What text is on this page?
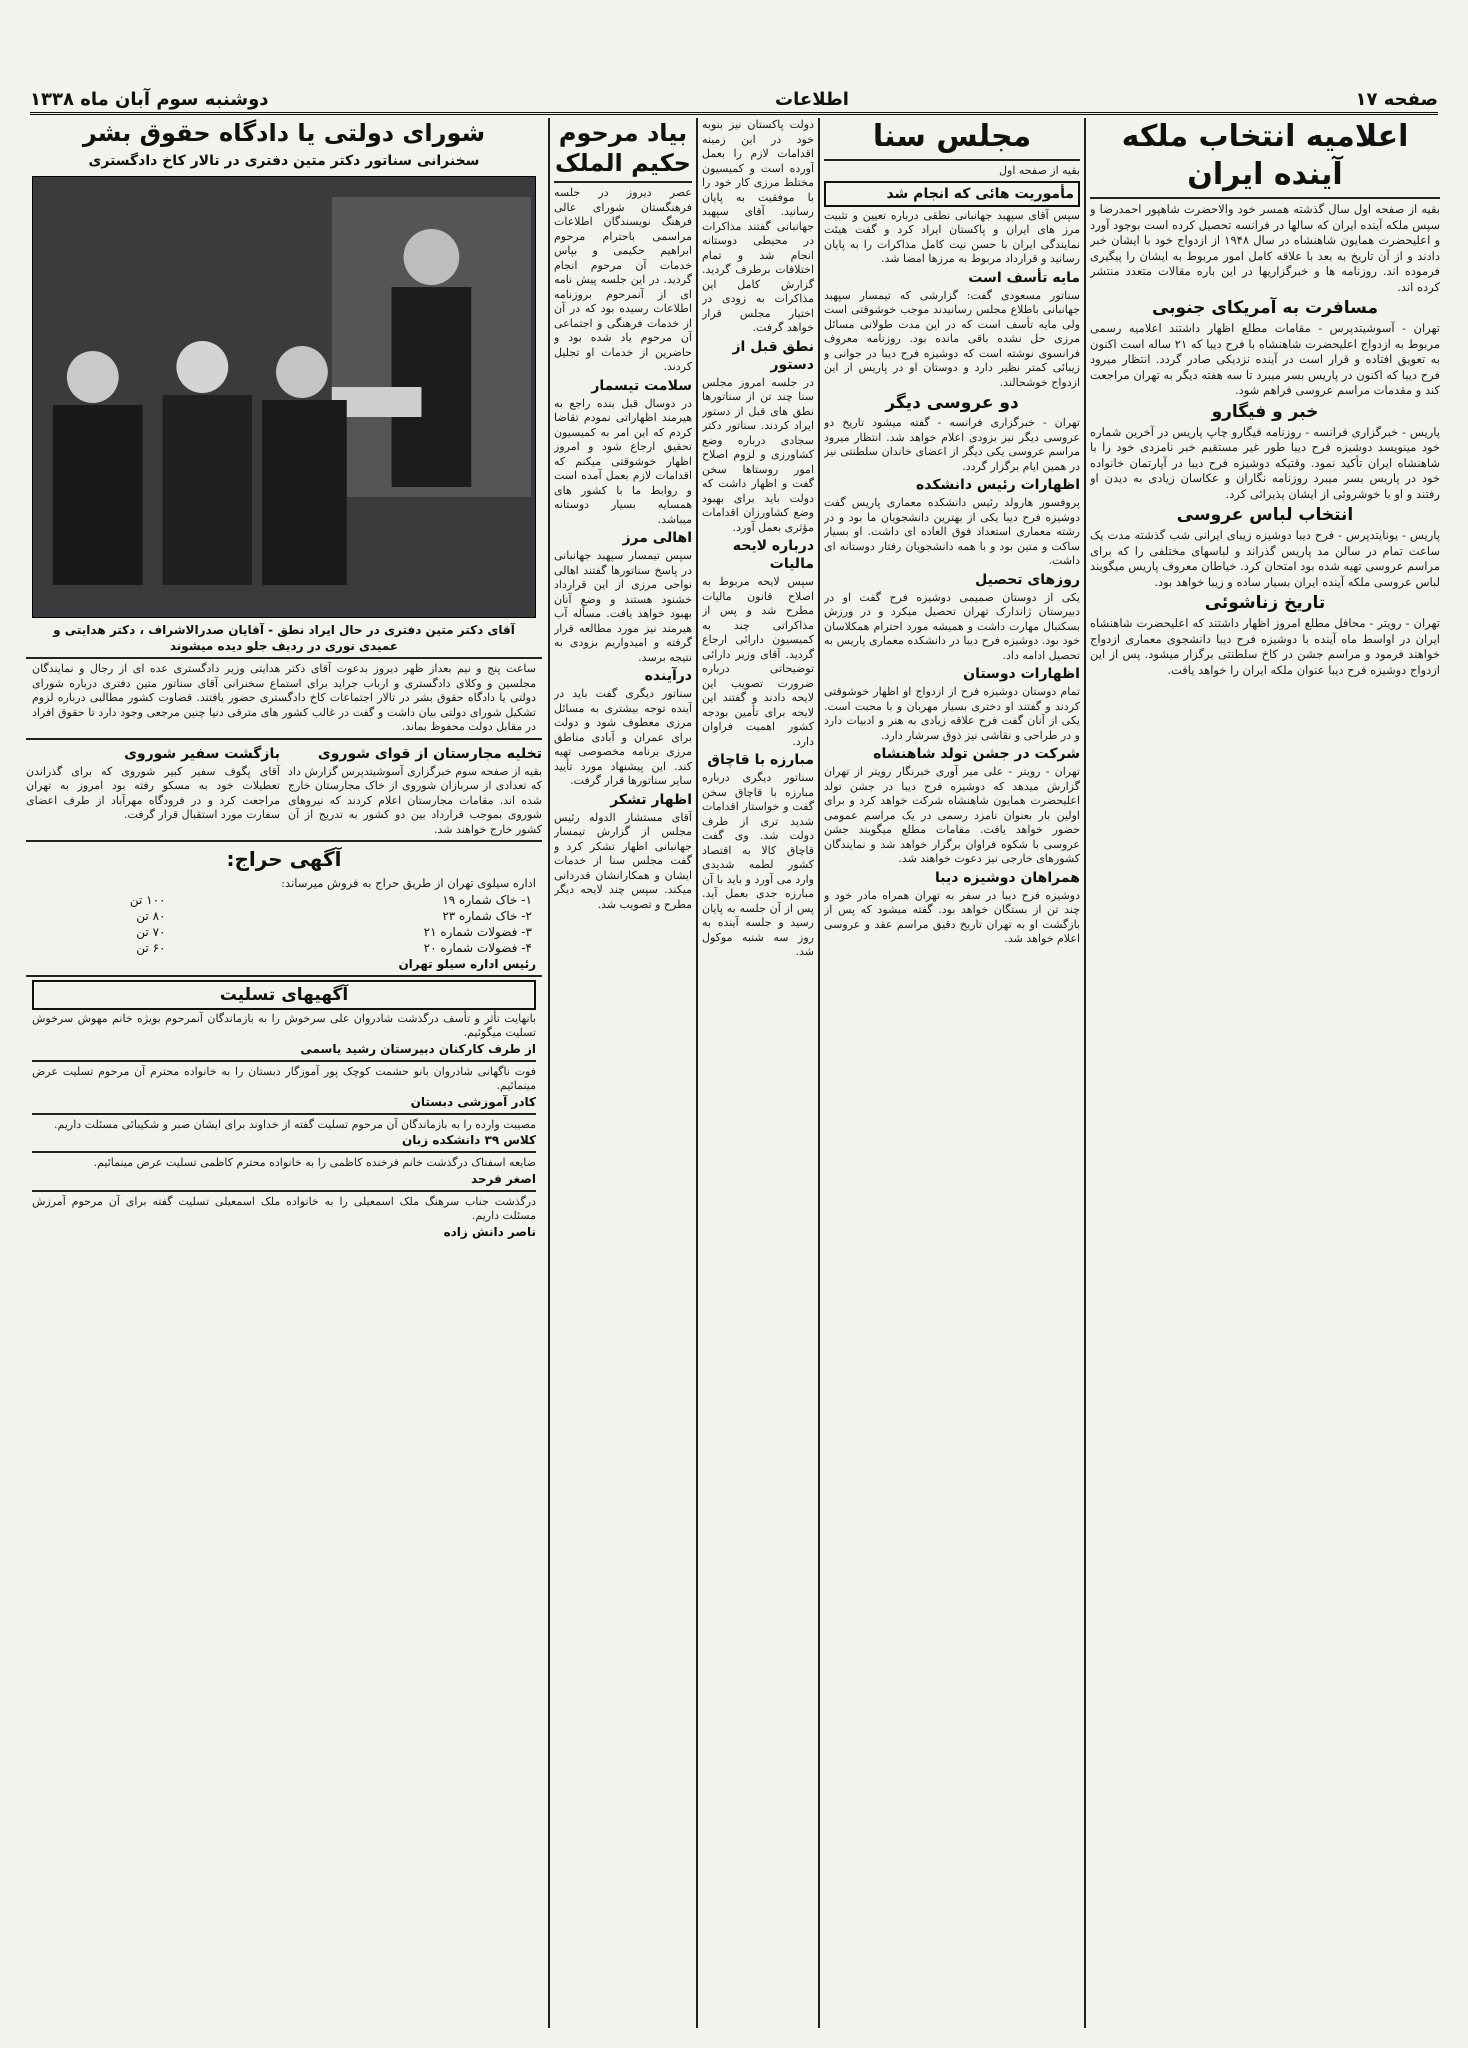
صفحه ۱۷
اطلاعات
دوشنبه سوم آبان ماه ۱۳۳۸
اعلامیه انتخاب ملکه آینده ایران

بقیه از صفحه اول سال گذشته همسر خود والاحضرت شاهپور احمدرضا و سپس ملکه آینده ایران که سالها در فرانسه تحصیل کرده است بوجود آورد و اعلیحضرت همایون شاهنشاه در سال ۱۹۴۸ از ازدواج خود با ایشان خبر دادند و از آن تاریخ به بعد با علاقه کامل امور مربوط به ایشان را پیگیری فرموده اند. روزنامه ها و خبرگزاریها در این باره مقالات متعدد منتشر کرده اند.

مسافرت به آمریکای جنوبی

تهران - آسوشیتدپرس - مقامات مطلع اظهار داشتند اعلامیه رسمی مربوط به ازدواج اعلیحضرت شاهنشاه با فرح دیبا که ۲۱ ساله است اکنون به تعویق افتاده و قرار است در آینده نزدیکی صادر گردد. انتظار میرود فرح دیبا که اکنون در پاریس بسر میبرد تا سه هفته دیگر به تهران مراجعت کند و مقدمات مراسم عروسی فراهم شود.

خبر و فیگارو

پاریس - خبرگزاری فرانسه - روزنامه فیگارو چاپ پاریس در آخرین شماره خود مینویسد دوشیزه فرح دیبا طور غیر مستقیم خبر نامزدی خود را با شاهنشاه ایران تأکید نمود. وقتیکه دوشیزه فرح دیبا در آپارتمان خانواده خود در پاریس بسر میبرد روزنامه نگاران و عکاسان زیادی به دیدن او رفتند و او با خوشروئی از ایشان پذیرائی کرد.

انتخاب لباس عروسی

پاریس - یونایتدپرس - فرح دیبا دوشیزه زیبای ایرانی شب گذشته مدت یک ساعت تمام در سالن مد پاریس گذراند و لباسهای مختلفی را که برای مراسم عروسی تهیه شده بود امتحان کرد. خیاطان معروف پاریس میگویند لباس عروسی ملکه آینده ایران بسیار ساده و زیبا خواهد بود.

تاریخ زناشوئی

تهران - رویتر - محافل مطلع امروز اظهار داشتند که اعلیحضرت شاهنشاه ایران در اواسط ماه آینده با دوشیزه فرح دیبا دانشجوی معماری ازدواج خواهند فرمود و مراسم جشن در کاخ سلطنتی برگزار میشود. پس از این ازدواج دوشیزه فرح دیبا عنوان ملکه ایران را خواهد یافت.

مجلس سنا

بقیه از صفحه اول

مأموریت هائی که انجام شد

سپس آقای سپهبد جهانبانی نطقی درباره تعیین و تثبیت مرز های ایران و پاکستان ایراد کرد و گفت هیئت نمایندگی ایران با حسن نیت کامل مذاکرات را به پایان رسانید و قرارداد مربوط به مرزها امضا شد.

مایه تأسف است

سناتور مسعودی گفت: گزارشی که تیمسار سپهبد جهانبانی باطلاع مجلس رسانیدند موجب خوشوقتی است ولی مایه تأسف است که در این مدت طولانی مسائل مرزی حل نشده باقی مانده بود. روزنامه معروف فرانسوی نوشته است که دوشیزه فرح دیبا در جوانی و زیبائی کمتر نظیر دارد و دوستان او در پاریس از این ازدواج خوشحالند.

دو عروسی دیگر

تهران - خبرگزاری فرانسه - گفته میشود تاریخ دو عروسی دیگر نیز بزودی اعلام خواهد شد. انتظار میرود مراسم عروسی یکی دیگر از اعضای خاندان سلطنتی نیز در همین ایام برگزار گردد.

اظهارات رئیس دانشکده

پروفسور هارولد رئیس دانشکده معماری پاریس گفت دوشیزه فرح دیبا یکی از بهترین دانشجویان ما بود و در رشته معماری استعداد فوق العاده ای داشت. او بسیار ساکت و متین بود و با همه دانشجویان رفتار دوستانه ای داشت.

روزهای تحصیل

یکی از دوستان صمیمی دوشیزه فرح گفت او در دبیرستان ژاندارک تهران تحصیل میکرد و در ورزش بسکتبال مهارت داشت و همیشه مورد احترام همکلاسان خود بود. دوشیزه فرح دیبا در دانشکده معماری پاریس به تحصیل ادامه داد.

اظهارات دوستان

تمام دوستان دوشیزه فرح از ازدواج او اظهار خوشوقتی کردند و گفتند او دختری بسیار مهربان و با محبت است. یکی از آنان گفت فرح علاقه زیادی به هنر و ادبیات دارد و در طراحی و نقاشی نیز ذوق سرشار دارد.

شرکت در جشن تولد شاهنشاه

تهران - رویتر - علی میر آوری خبرنگار رویتر از تهران گزارش میدهد که دوشیزه فرح دیبا در جشن تولد اعلیحضرت همایون شاهنشاه شرکت خواهد کرد و برای اولین بار بعنوان نامزد رسمی در یک مراسم عمومی حضور خواهد یافت. مقامات مطلع میگویند جشن عروسی با شکوه فراوان برگزار خواهد شد و نمایندگان کشورهای خارجی نیز دعوت خواهند شد.

همراهان دوشیزه دیبا

دوشیزه فرح دیبا در سفر به تهران همراه مادر خود و چند تن از بستگان خواهد بود. گفته میشود که پس از بازگشت او به تهران تاریخ دقیق مراسم عقد و عروسی اعلام خواهد شد.

دولت پاکستان نیز بنوبه خود در این زمینه اقدامات لازم را بعمل آورده است و کمیسیون مختلط مرزی کار خود را با موفقیت به پایان رسانید. آقای سپهبد جهانبانی گفتند مذاکرات در محیطی دوستانه انجام شد و تمام اختلافات برطرف گردید. گزارش کامل این مذاکرات به زودی در اختیار مجلس قرار خواهد گرفت.

نطق قبل از دستور

در جلسه امروز مجلس سنا چند تن از سناتورها نطق های قبل از دستور ایراد کردند. سناتور دکتر سجادی درباره وضع کشاورزی و لزوم اصلاح امور روستاها سخن گفت و اظهار داشت که دولت باید برای بهبود وضع کشاورزان اقدامات مؤثری بعمل آورد.

درباره لایحه مالیات

سپس لایحه مربوط به اصلاح قانون مالیات مطرح شد و پس از مذاکراتی چند به کمیسیون دارائی ارجاع گردید. آقای وزیر دارائی توضیحاتی درباره ضرورت تصویب این لایحه دادند و گفتند این لایحه برای تأمین بودجه کشور اهمیت فراوان دارد.

مبارزه با قاچاق

سناتور دیگری درباره مبارزه با قاچاق سخن گفت و خواستار اقدامات شدید تری از طرف دولت شد. وی گفت قاچاق کالا به اقتصاد کشور لطمه شدیدی وارد می آورد و باید با آن مبارزه جدی بعمل آید. پس از آن جلسه به پایان رسید و جلسه آینده به روز سه شنبه موکول شد.

بیاد مرحوم حکیم الملک

عصر دیروز در جلسه فرهنگستان شورای عالی فرهنگ نویسندگان اطلاعات مراسمی باحترام مرحوم ابراهیم حکیمی و بپاس خدمات آن مرحوم انجام گردید. در این جلسه پیش نامه ای از آنمرحوم بروزنامه اطلاعات رسیده بود که در آن از خدمات فرهنگی و اجتماعی آن مرحوم یاد شده بود و حاضرین از خدمات او تجلیل کردند.

سلامت تیسمار

در دوسال قبل بنده راجع به هیرمند اظهاراتی نمودم تقاضا کردم که این امر به کمیسیون تحقیق ارجاع شود و امروز اظهار خوشوقتی میکنم که اقدامات لازم بعمل آمده است و روابط ما با کشور های همسایه بسیار دوستانه میباشد.

اهالی مرز

سپس تیمسار سپهبد جهانبانی در پاسخ سناتورها گفتند اهالی نواحی مرزی از این قرارداد خشنود هستند و وضع آنان بهبود خواهد یافت. مسأله آب هیرمند نیز مورد مطالعه قرار گرفته و امیدواریم بزودی به نتیجه برسد.

درآینده

سناتور دیگری گفت باید در آینده توجه بیشتری به مسائل مرزی معطوف شود و دولت برای عمران و آبادی مناطق مرزی برنامه مخصوصی تهیه کند. این پیشنهاد مورد تأیید سایر سناتورها قرار گرفت.

اظهار تشکر

آقای مستشار الدوله رئیس مجلس از گزارش تیمسار جهانبانی اظهار تشکر کرد و گفت مجلس سنا از خدمات ایشان و همکارانشان قدردانی میکند. سپس چند لایحه دیگر مطرح و تصویب شد.

شورای دولتی یا دادگاه حقوق بشر
سخنرانی سناتور دکتر متین دفتری در تالار کاخ دادگستری
آقای دکتر متین دفتری در حال ایراد نطق - آقایان صدرالاشراف ، دکتر هدایتی و عمیدی نوری در ردیف جلو دیده میشوند

ساعت پنج و نیم بعداز ظهر دیروز بدعوت آقای دکتر هدایتی وزیر دادگستری عده ای از رجال و نمایندگان مجلسین و وکلای دادگستری و ارباب جراید برای استماع سخنرانی آقای سناتور متین دفتری درباره شورای دولتی یا دادگاه حقوق بشر در تالار اجتماعات کاخ دادگستری حضور یافتند. قضاوت کشور مطالبی درباره لزوم تشکیل شورای دولتی بیان داشت و گفت در غالب کشور های مترقی دنیا چنین مرجعی وجود دارد تا حقوق افراد در مقابل دولت محفوظ بماند.

تخلیه مجارستان از قوای شوروی

بقیه از صفحه سوم خبرگزاری آسوشیتدپرس گزارش داد که تعدادی از سربازان شوروی از خاک مجارستان خارج شده اند. مقامات مجارستان اعلام کردند که نیروهای شوروی بموجب قرارداد بین دو کشور به تدریج از آن کشور خارج خواهند شد.

بازگشت سفیر شوروی

آقای پگوف سفیر کبیر شوروی که برای گذراندن تعطیلات خود به مسکو رفته بود امروز به تهران مراجعت کرد و در فرودگاه مهرآباد از طرف اعضای سفارت مورد استقبال قرار گرفت.

آگهی حراج:

اداره سیلوی تهران از طریق حراج به فروش میرساند:

۱- خاک شماره ۱۹	۱۰۰ تن
۲- خاک شماره ۲۳	۸۰ تن
۳- فضولات شماره ۲۱	۷۰ تن
۴- فضولات شماره ۲۰	۶۰ تن
رئیس اداره سیلو تهران
آگهیهای تسلیت

بانهایت تأثر و تأسف درگذشت شادروان علی سرخوش را به بازماندگان آنمرحوم بویژه خانم مهوش سرخوش تسلیت میگوئیم.

از طرف کارکنان دبیرستان رشید یاسمی

فوت ناگهانی شادروان بانو حشمت کوچک پور آموزگار دبستان را به خانواده محترم آن مرحوم تسلیت عرض مینمائیم.

کادر آموزشی دبستان

مصیبت وارده را به بازماندگان آن مرحوم تسلیت گفته از خداوند برای ایشان صبر و شکیبائی مسئلت داریم.

کلاس ۳۹ دانشکده زبان

ضایعه اسفناک درگذشت خانم فرخنده کاظمی را به خانواده محترم کاظمی تسلیت عرض مینمائیم.

اصغر فرحد

درگذشت جناب سرهنگ ملک اسمعیلی را به خانواده ملک اسمعیلی تسلیت گفته برای آن مرحوم آمرزش مسئلت داریم.

ناصر دانش زاده
